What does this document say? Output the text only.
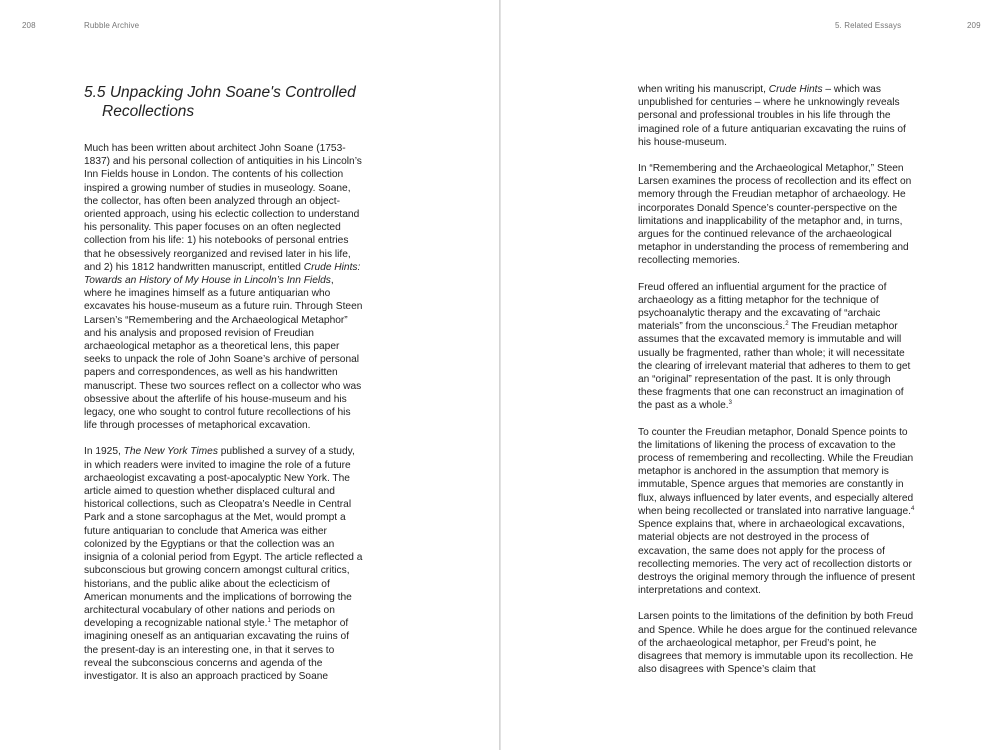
208	Rubble Archive
5.5 Unpacking John Soane's Controlled
Recollections

Much has been written about architect John Soane (1753-1837) and his personal collection of antiquities in his Lincoln’s Inn Fields house in London. The contents of his collection inspired a growing number of studies in museology. Soane, the collector, has often been analyzed through an object-oriented approach, using his eclectic collection to understand his personality. This paper focuses on an often neglected collection from his life: 1) his notebooks of personal entries that he obsessively reorganized and revised later in his life, and 2) his 1812 handwritten manuscript, entitled Crude Hints: Towards an History of My House in Lincoln’s Inn Fields, where he imagines himself as a future antiquarian who excavates his house-museum as a future ruin. Through Steen Larsen’s “Remembering and the Archaeological Metaphor” and his analysis and proposed revision of Freudian archaeological metaphor as a theoretical lens, this paper seeks to unpack the role of John Soane’s archive of personal papers and correspondences, as well as his handwritten manuscript. These two sources reflect on a collector who was obsessive about the afterlife of his house-museum and his legacy, one who sought to control future recollections of his life through processes of metaphorical excavation.

In 1925, The New York Times published a survey of a study, in which readers were invited to imagine the role of a future archaeologist excavating a post-apocalyptic New York. The article aimed to question whether displaced cultural and historical collections, such as Cleopatra’s Needle in Central Park and a stone sarcophagus at the Met, would prompt a future antiquarian to conclude that America was either colonized by the Egyptians or that the collection was an insignia of a colonial period from Egypt. The article reflected a subconscious but growing concern amongst cultural critics, historians, and the public alike about the eclecticism of American monuments and the implications of borrowing the architectural vocabulary of other nations and periods on developing a recognizable national style.$^1$ The metaphor of imagining oneself as an antiquarian excavating the ruins of the present-day is an interesting one, in that it serves to reveal the subconscious concerns and agenda of the investigator. It is also an approach practiced by Soane

5. Related Essays	209

when writing his manuscript, Crude Hints – which was unpublished for centuries – where he unknowingly reveals personal and professional troubles in his life through the imagined role of a future antiquarian excavating the ruins of his house-museum.

In “Remembering and the Archaeological Metaphor,” Steen Larsen examines the process of recollection and its effect on memory through the Freudian metaphor of archaeology. He incorporates Donald Spence’s counter-perspective on the limitations and inapplicability of the metaphor and, in turns, argues for the continued relevance of the archaeological metaphor in understanding the process of remembering and recollecting memories.

Freud offered an influential argument for the practice of archaeology as a fitting metaphor for the technique of psychoanalytic therapy and the excavating of “archaic materials” from the unconscious.$^2$ The Freudian metaphor assumes that the excavated memory is immutable and will usually be fragmented, rather than whole; it will necessitate the clearing of irrelevant material that adheres to them to get an “original” representation of the past. It is only through these fragments that one can reconstruct an imagination of the past as a whole.$^3$

To counter the Freudian metaphor, Donald Spence points to the limitations of likening the process of excavation to the process of remembering and recollecting. While the Freudian metaphor is anchored in the assumption that memory is immutable, Spence argues that memories are constantly in flux, always influenced by later events, and especially altered when being recollected or translated into narrative language.$^4$ Spence explains that, where in archaeological excavations, material objects are not destroyed in the process of excavation, the same does not apply for the process of recollecting memories. The very act of recollection distorts or destroys the original memory through the influence of present interpretations and context.

Larsen points to the limitations of the definition by both Freud and Spence. While he does argue for the continued relevance of the archaeological metaphor, per Freud’s point, he disagrees that memory is immutable upon its recollection. He also disagrees with Spence’s claim that
